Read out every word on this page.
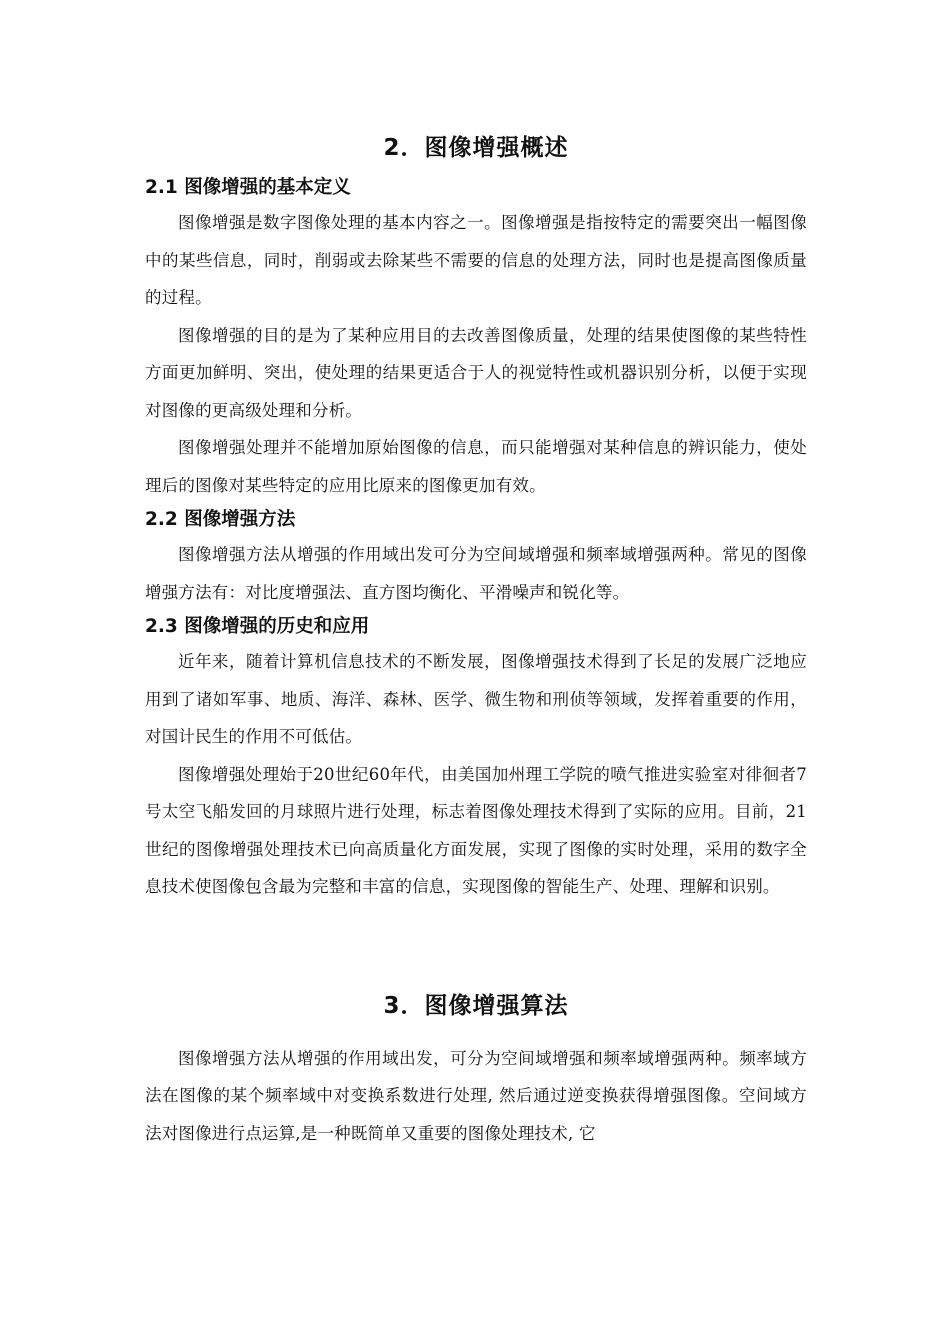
2．图像增强概述
2.1 图像增强的基本定义

图像增强是数字图像处理的基本内容之一。图像增强是指按特定的需要突出一幅图像中的某些信息，同时，削弱或去除某些不需要的信息的处理方法，同时也是提高图像质量的过程。

图像增强的目的是为了某种应用目的去改善图像质量，处理的结果使图像的某些特性方面更加鲜明、突出，使处理的结果更适合于人的视觉特性或机器识别分析，以便于实现对图像的更高级处理和分析。

图像增强处理并不能增加原始图像的信息，而只能增强对某种信息的辨识能力，使处理后的图像对某些特定的应用比原来的图像更加有效。

2.2 图像增强方法

图像增强方法从增强的作用域出发可分为空间域增强和频率域增强两种。常见的图像增强方法有：对比度增强法、直方图均衡化、平滑噪声和锐化等。

2.3 图像增强的历史和应用

近年来，随着计算机信息技术的不断发展，图像增强技术得到了长足的发展广泛地应用到了诸如军事、地质、海洋、森林、医学、微生物和刑侦等领域，发挥着重要的作用，对国计民生的作用不可低估。

图像增强处理始于20世纪60年代，由美国加州理工学院的喷气推进实验室对徘徊者7号太空飞船发回的月球照片进行处理，标志着图像处理技术得到了实际的应用。目前，21世纪的图像增强处理技术已向高质量化方面发展，实现了图像的实时处理，采用的数字全息技术使图像包含最为完整和丰富的信息，实现图像的智能生产、处理、理解和识别。

3．图像增强算法

图像增强方法从增强的作用域出发，可分为空间域增强和频率域增强两种。频率域方法在图像的某个频率域中对变换系数进行处理, 然后通过逆变换获得增强图像。空间域方法对图像进行点运算,是一种既简单又重要的图像处理技术, 它
